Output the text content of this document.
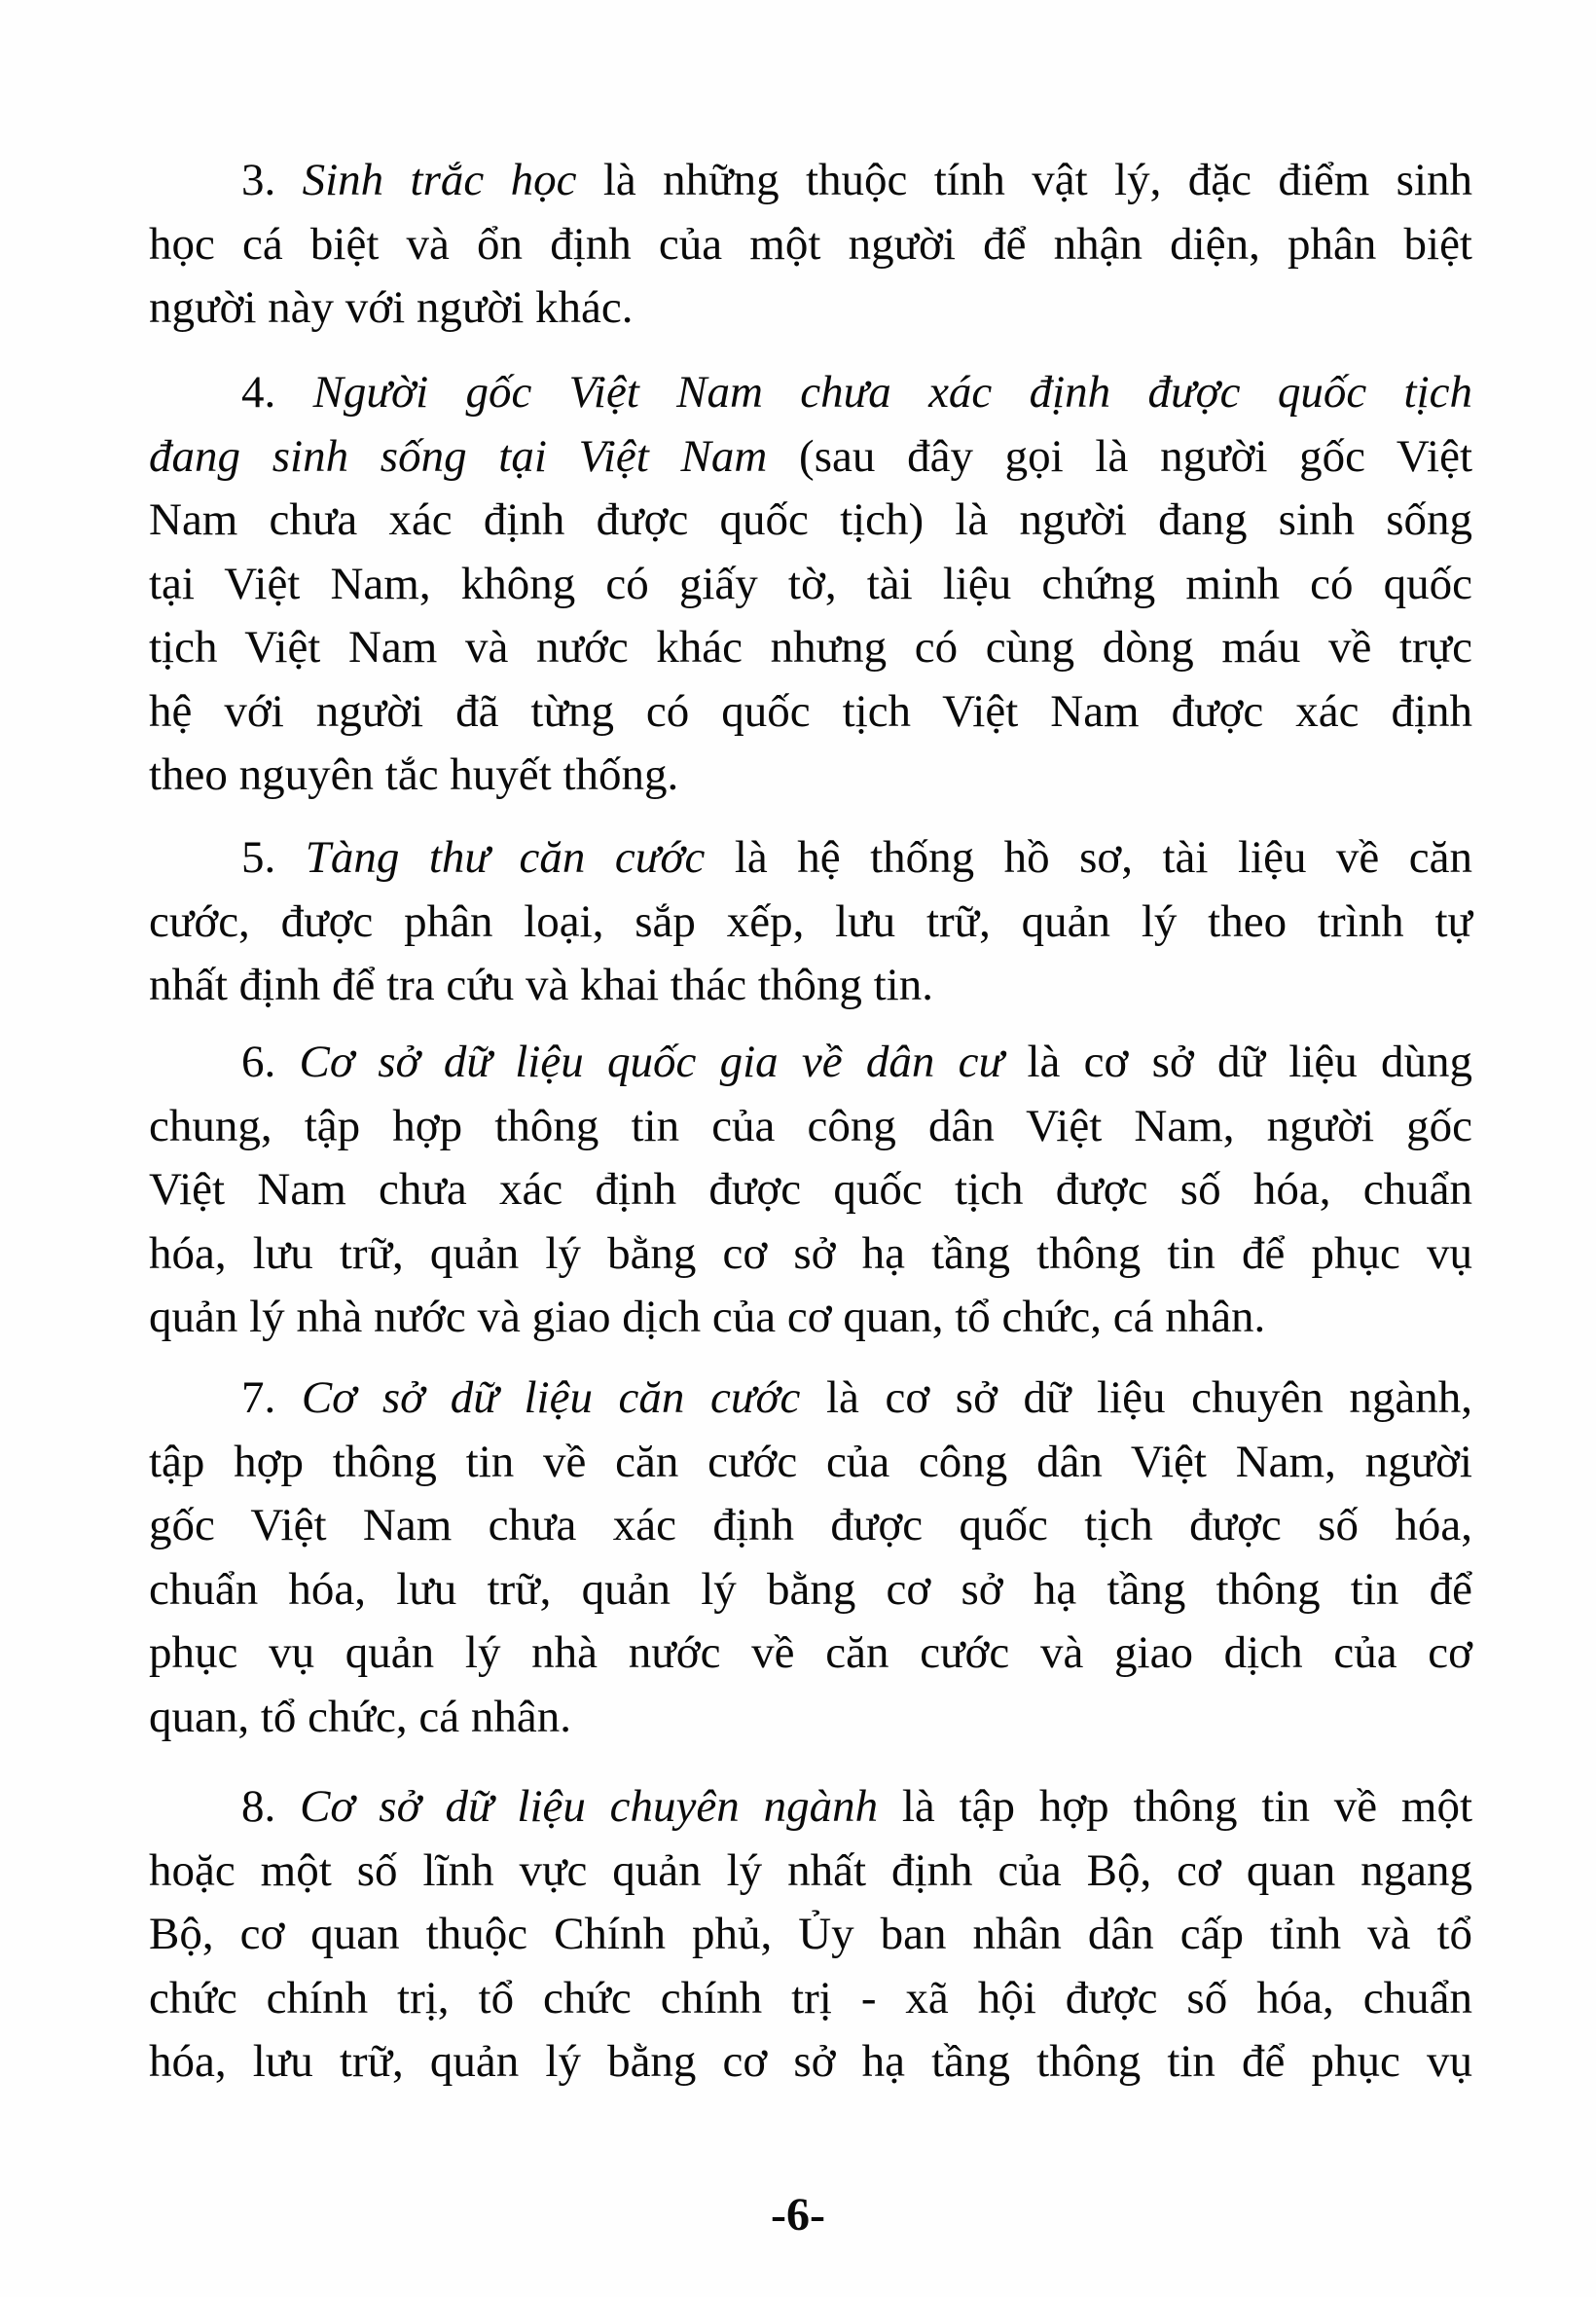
3. Sinh trắc học là những thuộc tính vật lý, đặc điểm sinh
học cá biệt và ổn định của một người để nhận diện, phân biệt
người này với người khác.
4. Người gốc Việt Nam chưa xác định được quốc tịch
đang sinh sống tại Việt Nam (sau đây gọi là người gốc Việt
Nam chưa xác định được quốc tịch) là người đang sinh sống
tại Việt Nam, không có giấy tờ, tài liệu chứng minh có quốc
tịch Việt Nam và nước khác nhưng có cùng dòng máu về trực
hệ với người đã từng có quốc tịch Việt Nam được xác định
theo nguyên tắc huyết thống.
5. Tàng thư căn cước là hệ thống hồ sơ, tài liệu về căn
cước, được phân loại, sắp xếp, lưu trữ, quản lý theo trình tự
nhất định để tra cứu và khai thác thông tin.
6. Cơ sở dữ liệu quốc gia về dân cư là cơ sở dữ liệu dùng
chung, tập hợp thông tin của công dân Việt Nam, người gốc
Việt Nam chưa xác định được quốc tịch được số hóa, chuẩn
hóa, lưu trữ, quản lý bằng cơ sở hạ tầng thông tin để phục vụ
quản lý nhà nước và giao dịch của cơ quan, tổ chức, cá nhân.
7. Cơ sở dữ liệu căn cước là cơ sở dữ liệu chuyên ngành,
tập hợp thông tin về căn cước của công dân Việt Nam, người
gốc Việt Nam chưa xác định được quốc tịch được số hóa,
chuẩn hóa, lưu trữ, quản lý bằng cơ sở hạ tầng thông tin để
phục vụ quản lý nhà nước về căn cước và giao dịch của cơ
quan, tổ chức, cá nhân.
8. Cơ sở dữ liệu chuyên ngành là tập hợp thông tin về một
hoặc một số lĩnh vực quản lý nhất định của Bộ, cơ quan ngang
Bộ, cơ quan thuộc Chính phủ, Ủy ban nhân dân cấp tỉnh và tổ
chức chính trị, tổ chức chính trị - xã hội được số hóa, chuẩn
hóa, lưu trữ, quản lý bằng cơ sở hạ tầng thông tin để phục vụ
-6-
